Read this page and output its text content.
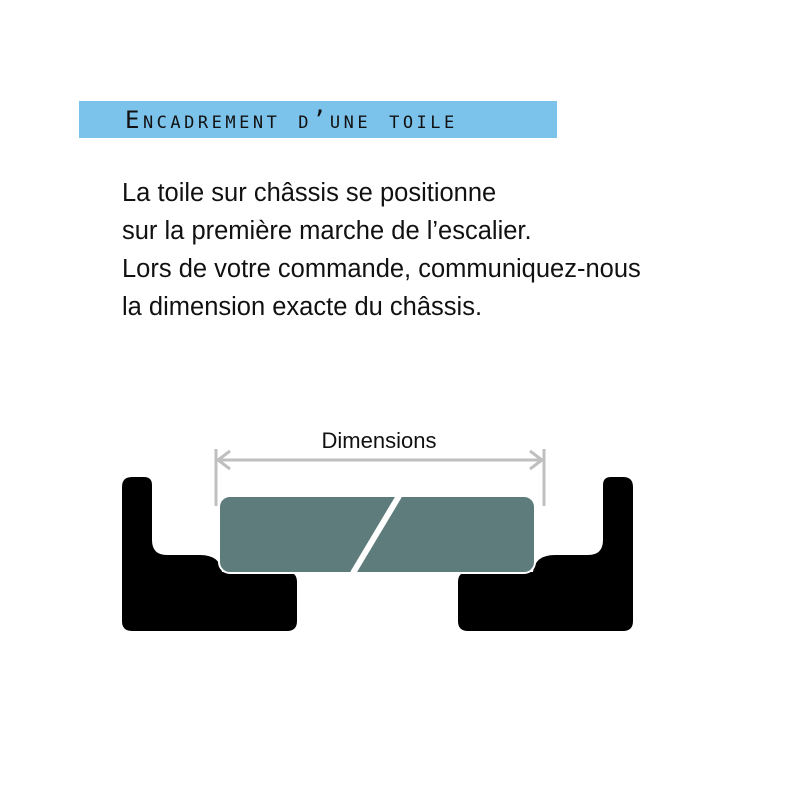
Encadrement d’une toile
La toile sur châssis se positionne
sur la première marche de l’escalier.
Lors de votre commande, communiquez-nous
la dimension exacte du châssis.
Dimensions
